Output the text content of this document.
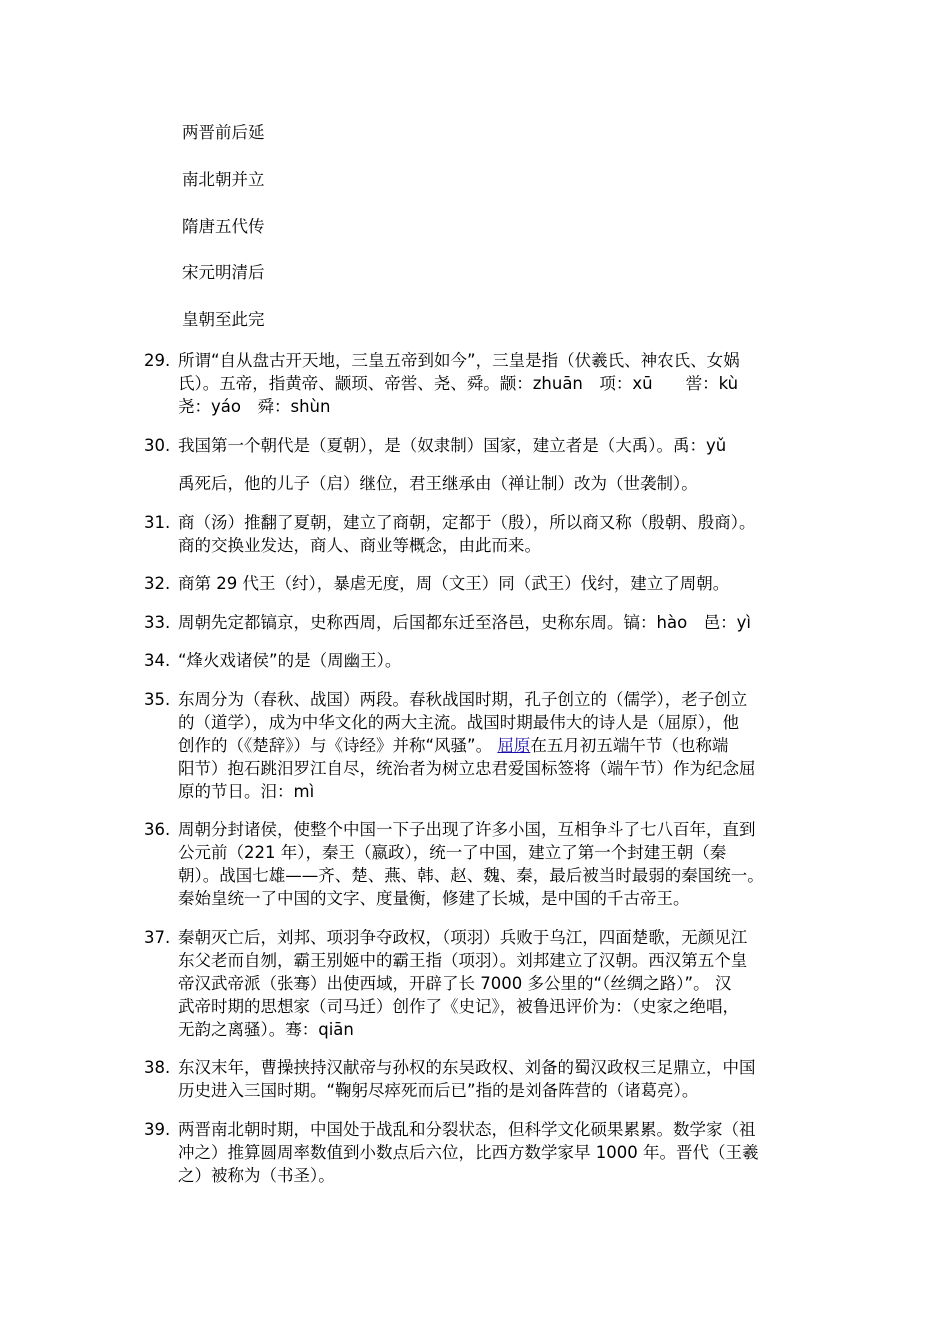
两晋前后延
南北朝并立
隋唐五代传
宋元明清后
皇朝至此完
29. 所谓“自从盘古开天地，三皇五帝到如今”，三皇是指（伏羲氏、神农氏、女娲
氏）。五帝，指黄帝、颛顼、帝喾、尧、舜。颛：zhuān　项：xū　　喾：kù
尧：yáo　舜：shùn
30. 我国第一个朝代是（夏朝），是（奴隶制）国家，建立者是（大禹）。禹：yǔ
禹死后，他的儿子（启）继位，君王继承由（禅让制）改为（世袭制）。
31. 商（汤）推翻了夏朝，建立了商朝，定都于（殷），所以商又称（殷朝、殷商）。
商的交换业发达，商人、商业等概念，由此而来。
32. 商第 29 代王（纣），暴虐无度，周（文王）同（武王）伐纣，建立了周朝。
33. 周朝先定都镐京，史称西周，后国都东迁至洛邑，史称东周。镐：hào　邑：yì
34. “烽火戏诸侯”的是（周幽王）。
35. 东周分为（春秋、战国）两段。春秋战国时期，孔子创立的（儒学），老子创立
的（道学），成为中华文化的两大主流。战国时期最伟大的诗人是（屈原），他
创作的（《楚辞》）与《诗经》并称“风骚”。 屈原在五月初五端午节（也称端
阳节）抱石跳汨罗江自尽，统治者为树立忠君爱国标签将（端午节）作为纪念屈
原的节日。汨：mì
36. 周朝分封诸侯，使整个中国一下子出现了许多小国，互相争斗了七八百年，直到
公元前（221 年），秦王（嬴政），统一了中国，建立了第一个封建王朝（秦
朝）。战国七雄——齐、楚、燕、韩、赵、魏、秦，最后被当时最弱的秦国统一。
秦始皇统一了中国的文字、度量衡，修建了长城，是中国的千古帝王。
37. 秦朝灭亡后，刘邦、项羽争夺政权，（项羽）兵败于乌江，四面楚歌，无颜见江
东父老而自刎，霸王别姬中的霸王指（项羽）。刘邦建立了汉朝。西汉第五个皇
帝汉武帝派（张骞）出使西域，开辟了长 7000 多公里的“（丝绸之路）”。 汉
武帝时期的思想家（司马迁）创作了《史记》，被鲁迅评价为：（史家之绝唱，
无韵之离骚）。骞：qiān
38. 东汉末年，曹操挟持汉献帝与孙权的东吴政权、刘备的蜀汉政权三足鼎立，中国
历史进入三国时期。“鞠躬尽瘁死而后已”指的是刘备阵营的（诸葛亮）。
39. 两晋南北朝时期，中国处于战乱和分裂状态，但科学文化硕果累累。数学家（祖
冲之）推算圆周率数值到小数点后六位，比西方数学家早 1000 年。晋代（王羲
之）被称为（书圣）。
